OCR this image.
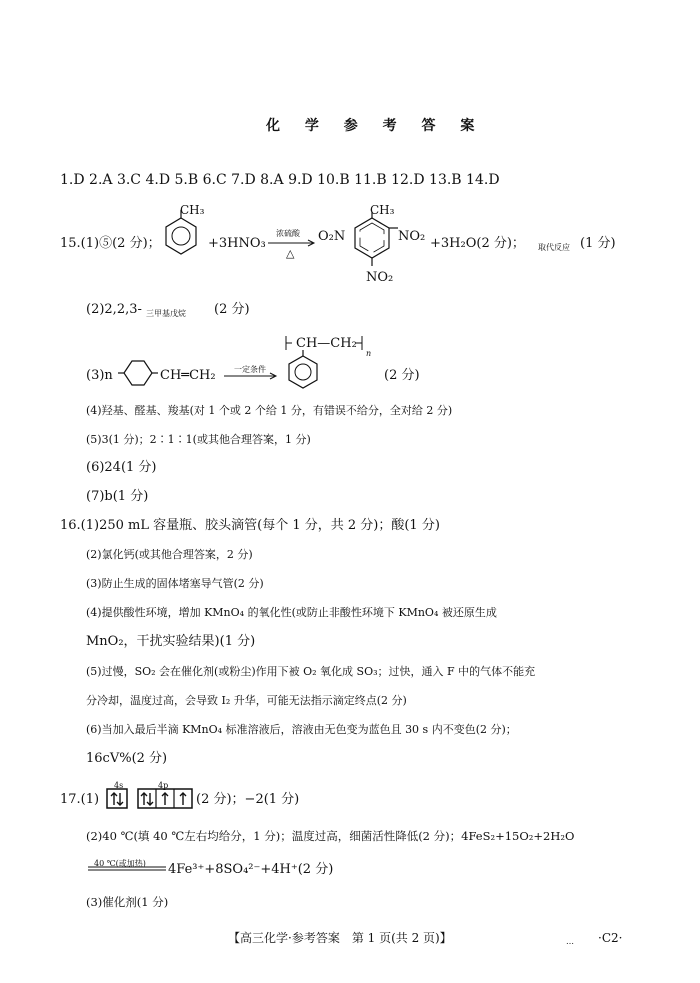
化 学 参 考 答 案
1.D 2.A 3.C 4.D 5.B 6.C 7.D 8.A 9.D 10.B 11.B 12.D 13.B 14.D
15.(1)⑤(2 分)；
CH₃
+3HNO₃
浓硫酸
△
CH₃
O₂N	NO₂
NO₂
+3H₂O(2 分)； 取代反应 (1 分)
(2)2,2,3- 三甲基戊烷 (2 分)
CH—CH₂
n
(3)n	CH═CH₂ 一定条件	(2 分)
(4)羟基、醛基、羧基(对 1 个或 2 个给 1 分，有错误不给分，全对给 2 分)
(5)3(1 分)；2∶1∶1(或其他合理答案，1 分)
(6)24(1 分)
(7)b(1 分)
16.(1)250 mL 容量瓶、胶头滴管(每个 1 分，共 2 分)；酸(1 分)
(2)氯化钙(或其他合理答案，2 分)
(3)防止生成的固体堵塞导气管(2 分)
(4)提供酸性环境，增加 KMnO₄ 的氧化性(或防止非酸性环境下 KMnO₄ 被还原生成
MnO₂，干扰实验结果)(1 分)
(5)过慢，SO₂ 会在催化剂(或粉尘)作用下被 O₂ 氧化成 SO₃；过快，通入 F 中的气体不能充
分冷却，温度过高，会导致 I₂ 升华，可能无法指示滴定终点(2 分)
(6)当加入最后半滴 KMnO₄ 标准溶液后，溶液由无色变为蓝色且 30 s 内不变色(2 分)；
16cV%(2 分)
17.(1)
4s	4p
(2 分)；−2(1 分)
(2)40 ℃(填 40 ℃左右均给分，1 分)；温度过高，细菌活性降低(2 分)；4FeS₂+15O₂+2H₂O
40 ℃(或加热) 4Fe³⁺+8SO₄²⁻+4H⁺(2 分)
(3)催化剂(1 分)
【高三化学·参考答案　第 1 页(共 2 页)】	… ·C2·
